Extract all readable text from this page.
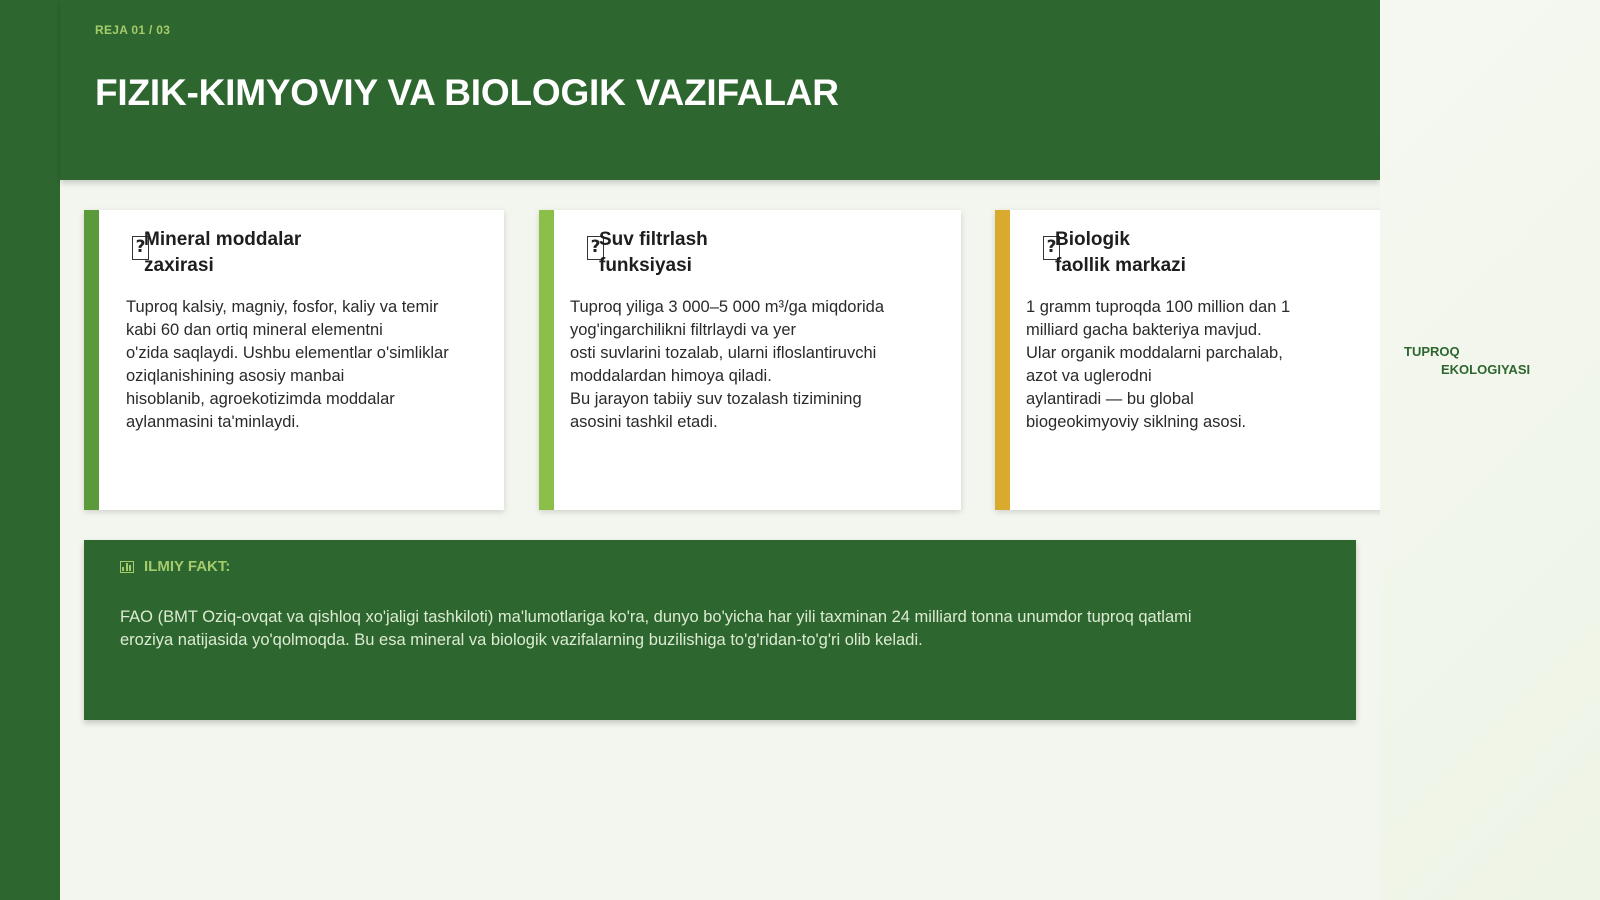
REJA 01 / 03
FIZIK-KIMYOVIY VA BIOLOGIK VAZIFALAR
?
Mineral moddalar
zaxirasi
Tuproq kalsiy, magniy, fosfor, kaliy va temir
kabi 60 dan ortiq mineral elementni
o'zida saqlaydi. Ushbu elementlar o'simliklar
oziqlanishining asosiy manbai
hisoblanib, agroekotizimda moddalar
aylanmasini ta'minlaydi.
?
Suv filtrlash
funksiyasi
Tuproq yiliga 3 000–5 000 m³/ga miqdorida
yog'ingarchilikni filtrlaydi va yer
osti suvlarini tozalab, ularni ifloslantiruvchi
moddalardan himoya qiladi.
Bu jarayon tabiiy suv tozalash tizimining
asosini tashkil etadi.
?
Biologik
faollik markazi
1 gramm tuproqda 100 million dan 1
milliard gacha bakteriya mavjud.
Ular organik moddalarni parchalab,
azot va uglerodni
aylantiradi — bu global
biogeokimyoviy siklning asosi.
ILMIY FAKT:
FAO (BMT Oziq-ovqat va qishloq xo'jaligi tashkiloti) ma'lumotlariga ko'ra, dunyo bo'yicha har yili taxminan 24 milliard tonna unumdor tuproq qatlami
eroziya natijasida yo'qolmoqda. Bu esa mineral va biologik vazifalarning buzilishiga to'g'ridan-to'g'ri olib keladi.
TUPROQ
EKOLOGIYASI
